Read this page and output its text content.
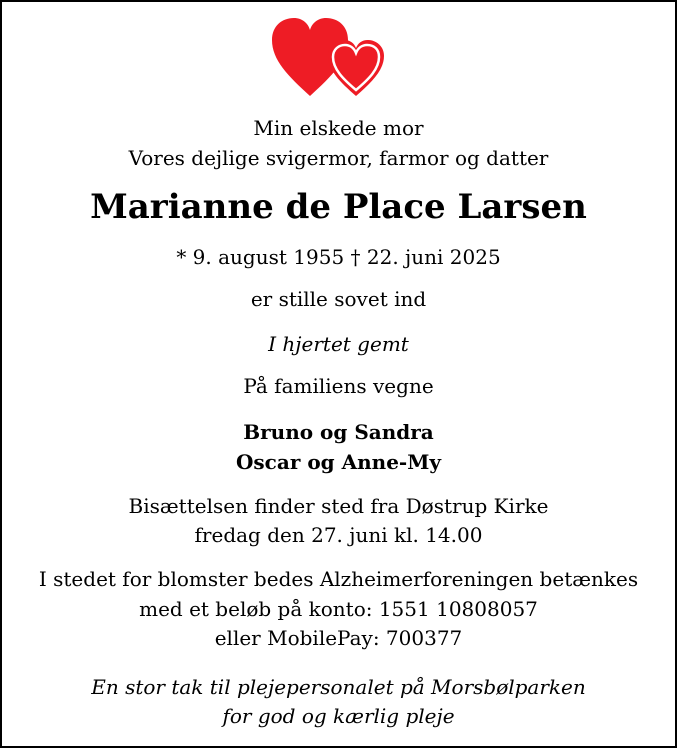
Min elskede mor
Vores dejlige svigermor, farmor og datter
Marianne de Place Larsen
* 9. august 1955 † 22. juni 2025
er stille sovet ind
I hjertet gemt
På familiens vegne
Bruno og Sandra
Oscar og Anne-My
Bisættelsen finder sted fra Døstrup Kirke
fredag den 27. juni kl. 14.00
I stedet for blomster bedes Alzheimerforeningen betænkes
med et beløb på konto: 1551 10808057
eller MobilePay: 700377
En stor tak til plejepersonalet på Morsbølparken
for god og kærlig pleje
